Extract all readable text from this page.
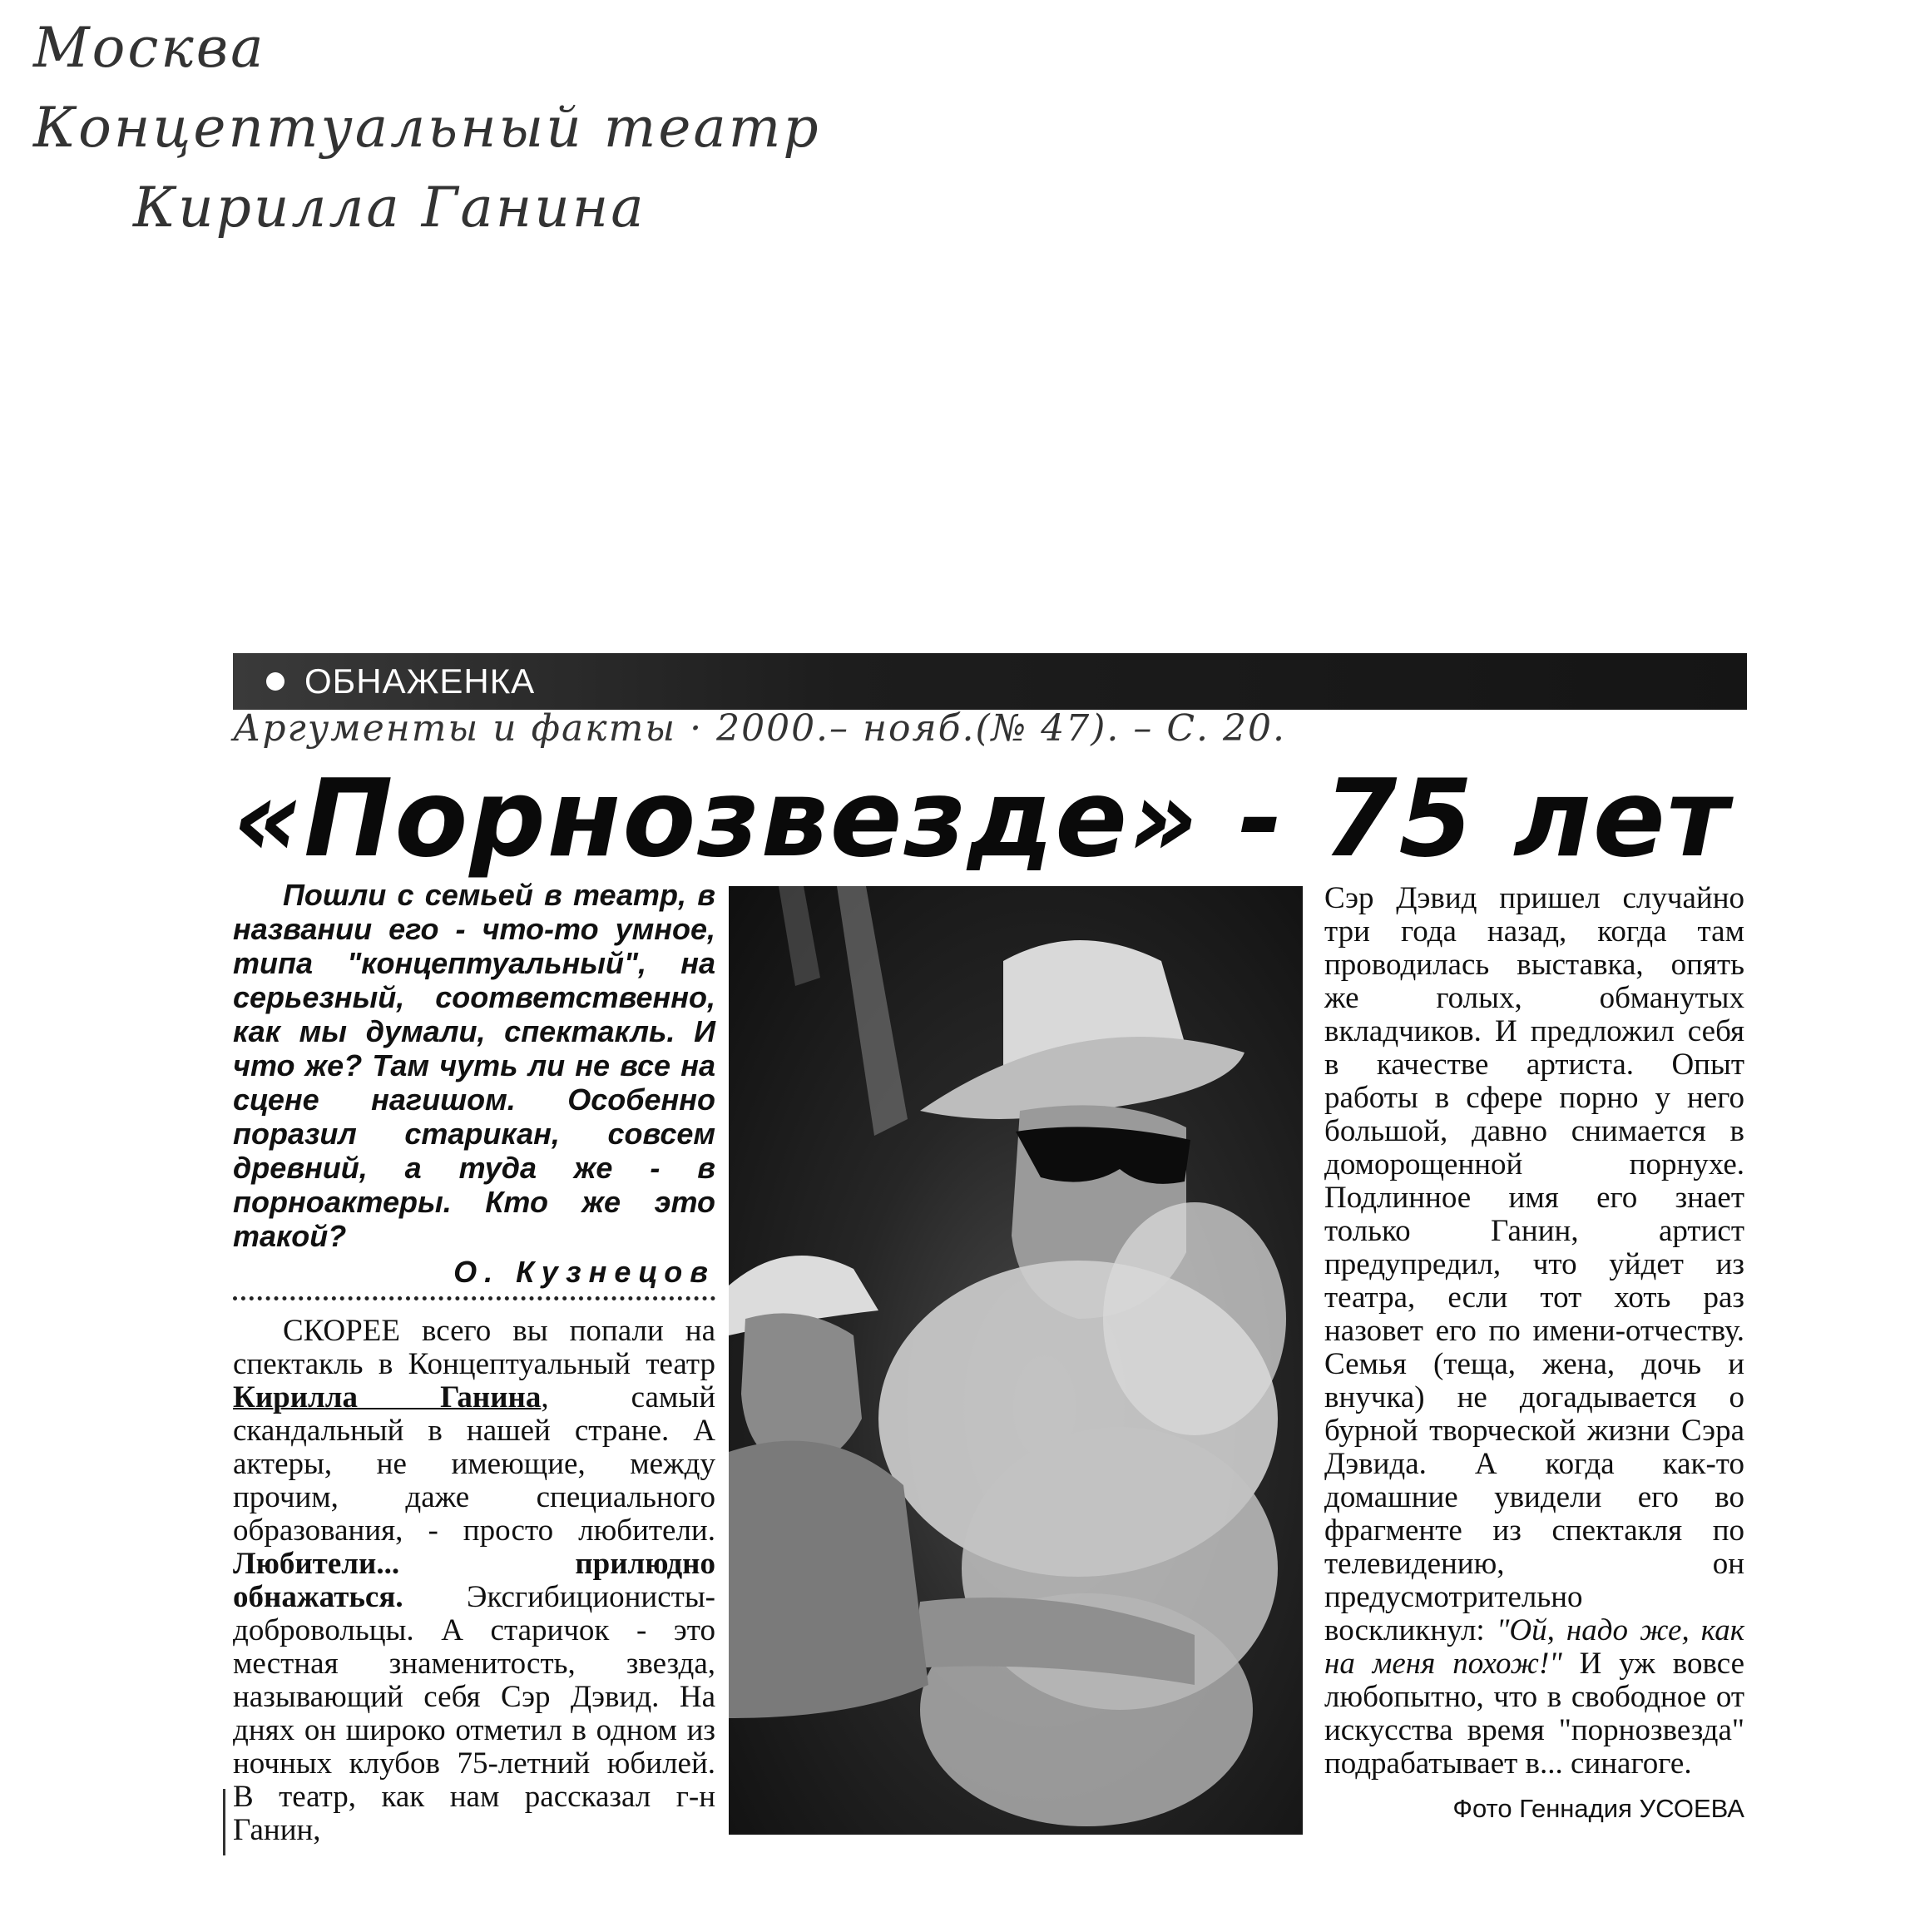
Москва
Концептуальный театр
Кирилла Ганина
ОБНАЖЕНКА
Аргументы и факты · 2000.– нояб.(№ 47). – С. 20.
«Порнозвезде» - 75 лет
Пошли с семьей в театр, в названии его - что-то умное, типа "концептуальный", на серьезный, соответственно, как мы думали, спектакль. И что же? Там чуть ли не все на сцене нагишом. Особенно поразил старикан, совсем древний, а туда же - в порноактеры. Кто же это такой?
О. Кузнецов

СКОРЕЕ всего вы попали на спектакль в Концептуальный театр Кирилла Ганина, самый скандальный в нашей стране. А актеры, не имеющие, между прочим, даже специального образования, - просто любители. Любители... прилюдно обнажаться. Эксгибиционисты-добровольцы. А старичок - это местная знаменитость, звезда, называющий себя Сэр Дэвид. На днях он широко отметил в одном из ночных клубов 75-летний юбилей. В театр, как нам рассказал г-н Ганин,

Сэр Дэвид пришел случайно три года назад, когда там проводилась выставка, опять же голых, обманутых вкладчиков. И предложил себя в качестве артиста. Опыт работы в сфере порно у него большой, давно снимается в доморощенной порнухе. Подлинное имя его знает только Ганин, артист предупредил, что уйдет из театра, если тот хоть раз назовет его по имени-отчеству. Семья (теща, жена, дочь и внучка) не догадывается о бурной творческой жизни Сэра Дэвида. А когда как-то домашние увидели его во фрагменте из спектакля по телевидению, он предусмотрительно воскликнул: "Ой, надо же, как на меня похож!" И уж вовсе любопытно, что в свободное от искусства время "порнозвезда" подрабатывает в... синагоге.

Фото Геннадия УСОЕВА
